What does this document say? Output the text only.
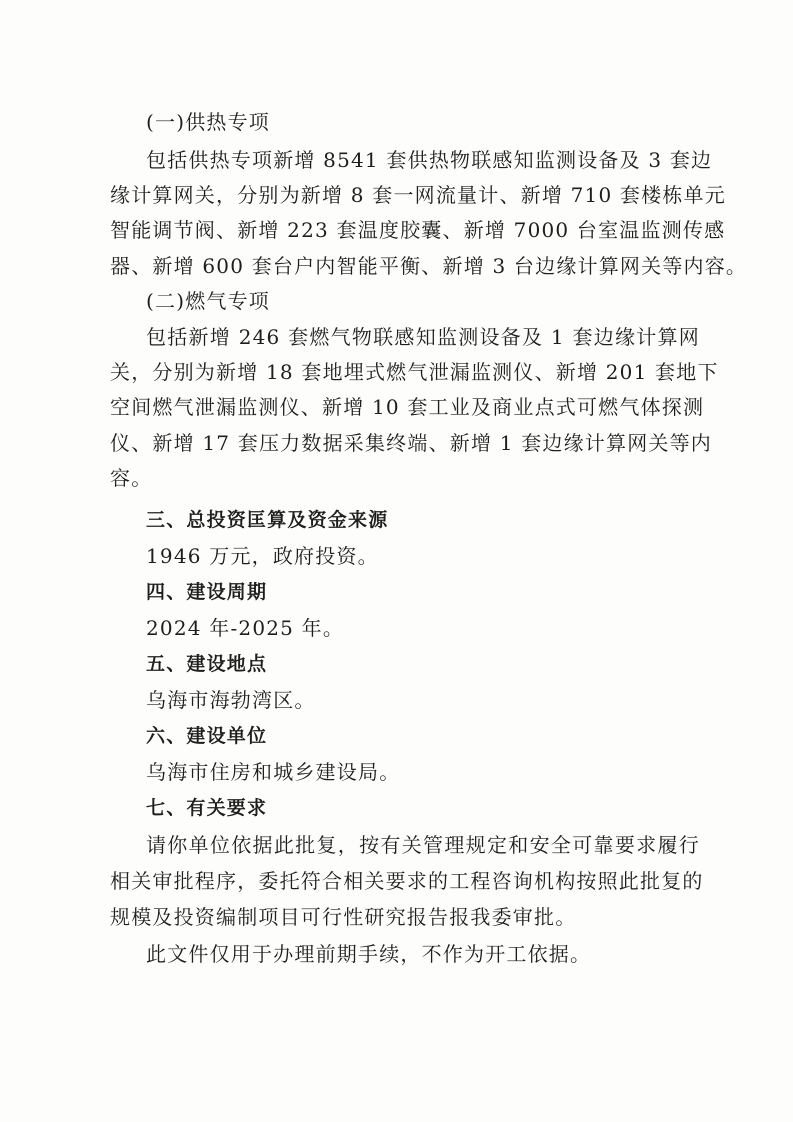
(一)供热专项
包括供热专项新增 8541 套供热物联感知监测设备及 3 套边
缘计算网关，分别为新增 8 套一网流量计、新增 710 套楼栋单元
智能调节阀、新增 223 套温度胶囊、新增 7000 台室温监测传感
器、新增 600 套台户内智能平衡、新增 3 台边缘计算网关等内容。
(二)燃气专项
包括新增 246 套燃气物联感知监测设备及 1 套边缘计算网
关，分别为新增 18 套地埋式燃气泄漏监测仪、新增 201 套地下
空间燃气泄漏监测仪、新增 10 套工业及商业点式可燃气体探测
仪、新增 17 套压力数据采集终端、新增 1 套边缘计算网关等内
容。
三、总投资匡算及资金来源
1946 万元，政府投资。
四、建设周期
2024 年-2025 年。
五、建设地点
乌海市海勃湾区。
六、建设单位
乌海市住房和城乡建设局。
七、有关要求
请你单位依据此批复，按有关管理规定和安全可靠要求履行
相关审批程序，委托符合相关要求的工程咨询机构按照此批复的
规模及投资编制项目可行性研究报告报我委审批。
此文件仅用于办理前期手续，不作为开工依据。
